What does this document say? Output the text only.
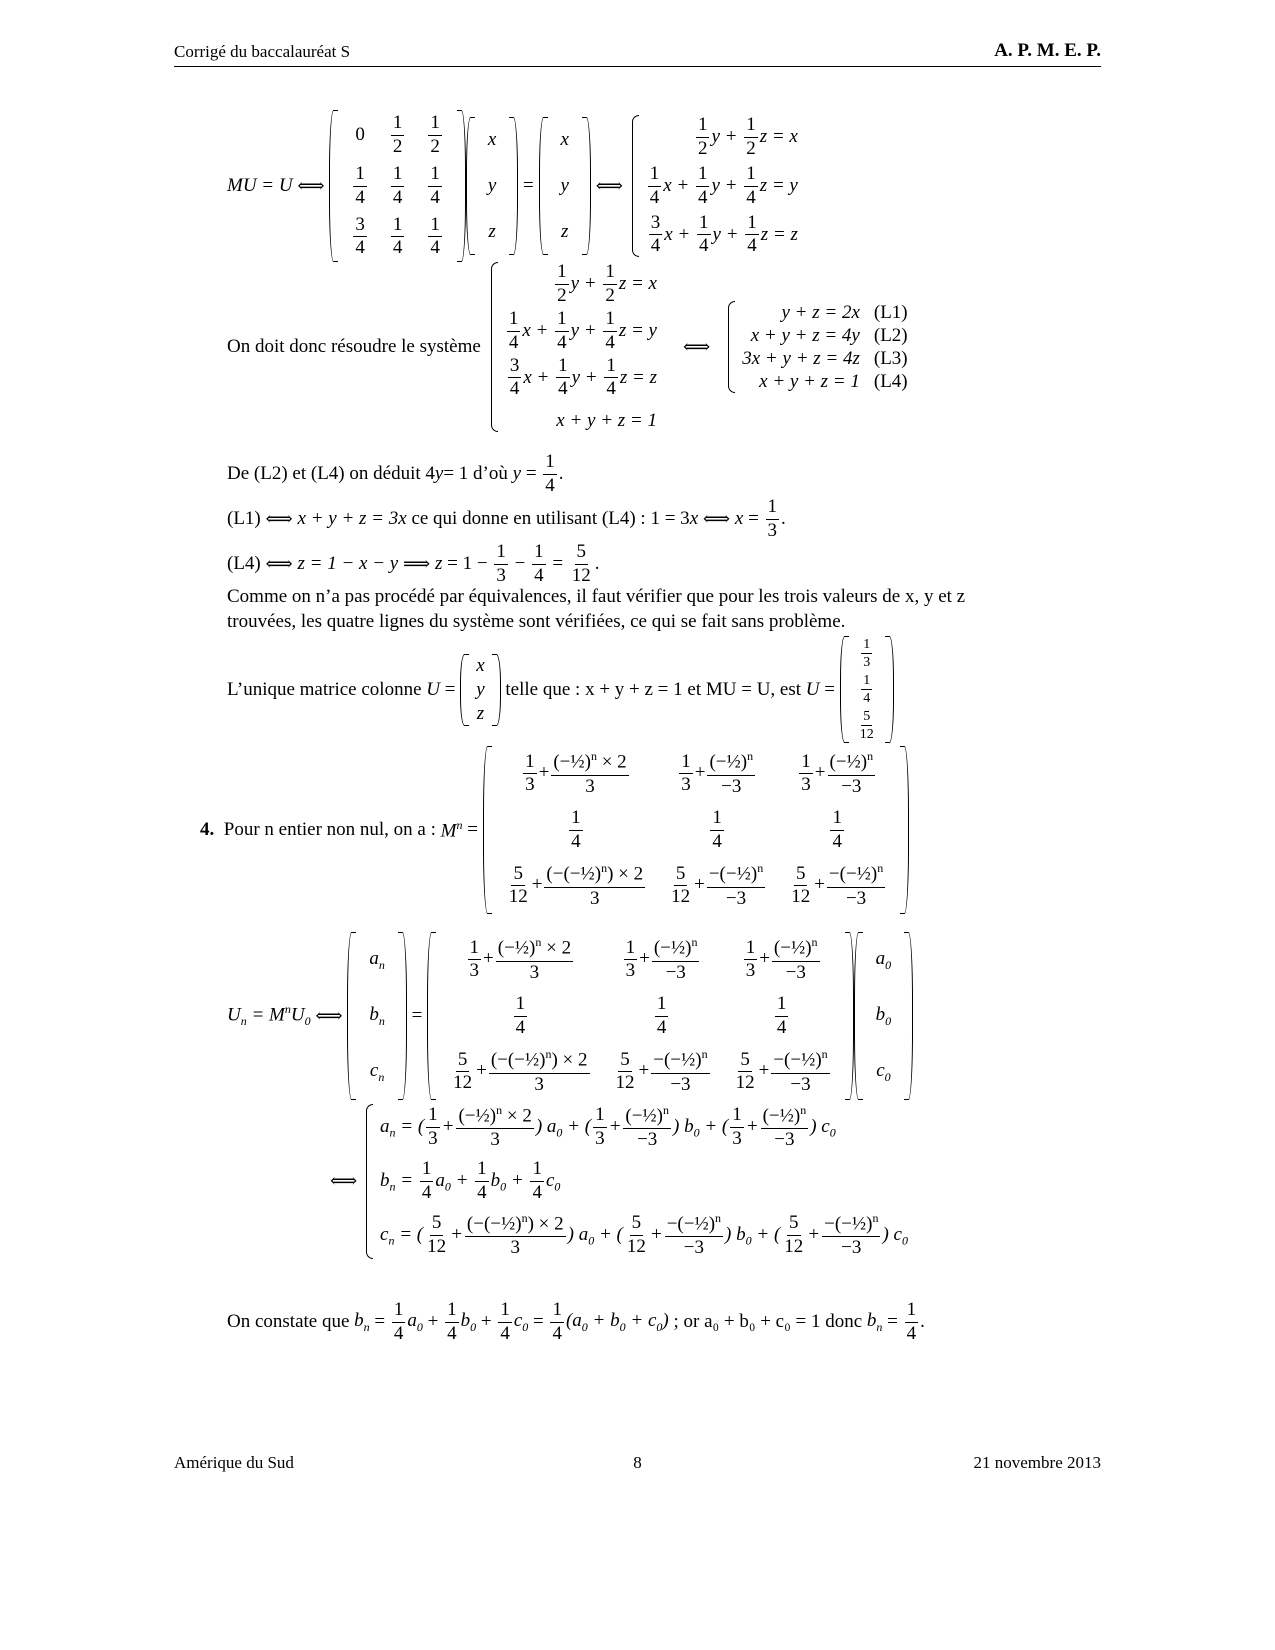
Corrigé du baccalauréat S	A. P. M. E. P.
MU = U
⟺

0	$\frac{1}{2}$	$\frac{1}{2}$

$\frac{1}{4}$	$\frac{1}{4}$	$\frac{1}{4}$

$\frac{3}{4}$	$\frac{1}{4}$	$\frac{1}{4}$
x
y
z
=
x
y
z
⟺
$\frac{1}{2}$ $y + \frac{1}{2}$ z = x
$\frac{1}{4}$ $x + \frac{1}{4}$ $y + \frac{1}{4}$ z = y
$\frac{3}{4}$ $x + \frac{1}{4}$ $y + \frac{1}{4}$ z = z
On doit donc résoudre le système
$\frac{1}{2}$ $y + \frac{1}{2}$ z = x
$\frac{1}{4}$ $x + \frac{1}{4}$ $y + \frac{1}{4}$ z = y
$\frac{3}{4}$ $x + \frac{1}{4}$ $y + \frac{1}{4}$ z = z
x + y + z = 1
⟺
y + z = 2x (L1)
x + y + z = 4y (L2)
3x + y + z = 4z (L3)
x + y + z = 1 (L4)
De (L2) et (L4) on déduit 4 y = 1 d’où y =
1
4
.
(L1) ⟺ x + y + z = 3x
ce qui donne en utilisant (L4) : 1 = 3 x ⟺ x =
1
3
.
(L4) ⟺ z = 1 − x − y ⟹ z = 1 −
1
3
−
1
4
=
5
12
.
Comme on n’a pas procédé par équivalences, il faut vérifier que pour les trois valeurs de x, y et z
trouvées, les quatre lignes du système sont vérifiées, ce qui se fait sans problème.
L’unique matrice colonne
U =
x
y
z

telle que : x + y + z = 1 et MU = U, est
U =
$\frac{1}{3}$

$\frac{1}{4}$

$\frac{5}{12}$
4.
Pour n entier non nul, on a :
$M^n$ =
$\frac{1}{3} + \frac{(-\frac{1}{2})^n \times 2}{3}$	$\frac{1}{3} + \frac{(-\frac{1}{2})^n}{-3}$	$\frac{1}{3} + \frac{(-\frac{1}{2})^n}{-3}$

$\frac{1}{4}$	$\frac{1}{4}$	$\frac{1}{4}$

$\frac{5}{12} + \frac{(-(-\frac{1}{2})^n) \times 2}{3}$	$\frac{5}{12} + \frac{-(-\frac{1}{2})^n}{-3}$	$\frac{5}{12} + \frac{-(-\frac{1}{2})^n}{-3}$
$U_n = M^nU_0$ ⟺
$a_n$
$b_n$
$c_n$
=
$\frac{1}{3} + \frac{(-\frac{1}{2})^n \times 2}{3}$	$\frac{1}{3} + \frac{(-\frac{1}{2})^n}{-3}$	$\frac{1}{3} + \frac{(-\frac{1}{2})^n}{-3}$

$\frac{1}{4}$	$\frac{1}{4}$	$\frac{1}{4}$

$\frac{5}{12} + \frac{(-(-\frac{1}{2})^n) \times 2}{3}$	$\frac{5}{12} + \frac{-(-\frac{1}{2})^n}{-3}$	$\frac{5}{12} + \frac{-(-\frac{1}{2})^n}{-3}$
$a_0$
$b_0$
$c_0$
⟺
$a_n$ = ( $\frac{1}{3} + \frac{(-\frac{1}{2})^n \times 2}{3}$ ) $a_0$ + ( $\frac{1}{3} + \frac{(-\frac{1}{2})^n}{-3}$ ) $b_0$ + ( $\frac{1}{3} + \frac{(-\frac{1}{2})^n}{-3}$ ) $c_0$
$b_n = \frac{1}{4} a_0 + \frac{1}{4} b_0 + \frac{1}{4} c_0$
$c_n$ = ( $\frac{5}{12} + \frac{(-(-\frac{1}{2})^n) \times 2}{3}$ ) $a_0$ + ( $\frac{5}{12} + \frac{-(-\frac{1}{2})^n}{-3}$ ) $b_0$ + ( $\frac{5}{12} + \frac{-(-\frac{1}{2})^n}{-3}$ ) $c_0$
On constate que
$b_n$ =
1
4
$a_0$ +
1
4
$b_0$ +
1
4
$c_0$ =
1
4
$(a_0 + b_0 + c_0)$
; or a₀ + b₀ + c₀ = 1 donc
$b_n$ =
1
4
.
Amérique du Sud	8	21 novembre 2013
